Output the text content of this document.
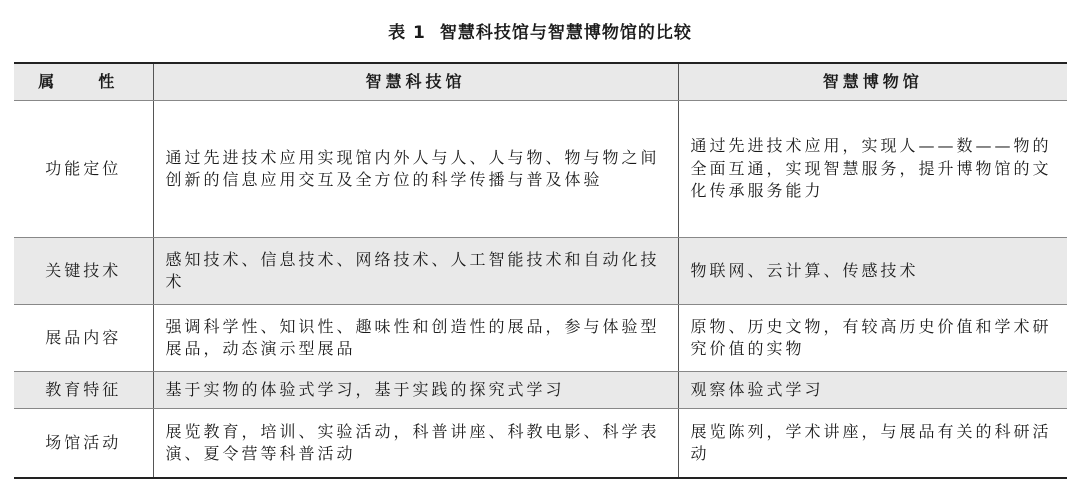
表 1 智慧科技馆与智慧博物馆的比较
属　性	智慧科技馆	智慧博物馆
功能定位	通过先进技术应用实现馆内外人与人、人与物、物与物之间创新的信息应用交互及全方位的科学传播与普及体验	通过先进技术应用，实现人——数——物的全面互通，实现智慧服务，提升博物馆的文化传承服务能力
关键技术	感知技术、信息技术、网络技术、人工智能技术和自动化技术	物联网、云计算、传感技术
展品内容	强调科学性、知识性、趣味性和创造性的展品，参与体验型展品，动态演示型展品	原物、历史文物，有较高历史价值和学术研究价值的实物
教育特征	基于实物的体验式学习，基于实践的探究式学习	观察体验式学习
场馆活动	展览教育，培训、实验活动，科普讲座、科教电影、科学表演、夏令营等科普活动	展览陈列，学术讲座，与展品有关的科研活动
